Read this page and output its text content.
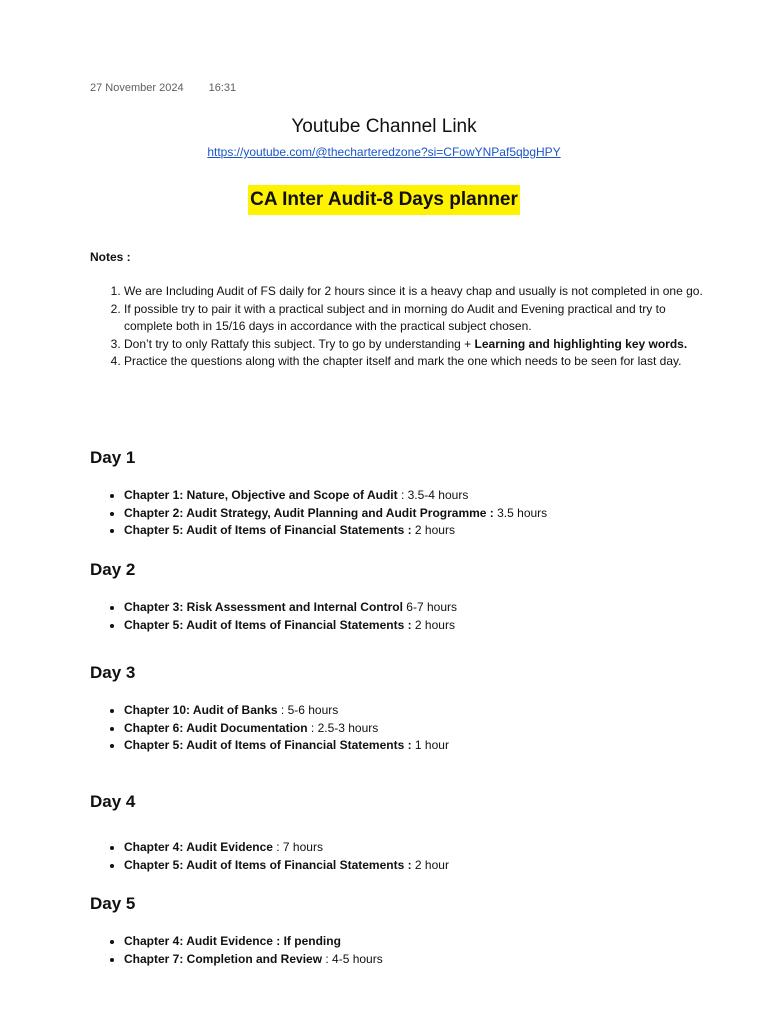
27 November 2024 16:31
Youtube Channel Link
https://youtube.com/@thecharteredzone?si=CFowYNPaf5qbgHPY
CA Inter Audit-8 Days planner
Notes :
1. We are Including Audit of FS daily for 2 hours since it is a heavy chap and usually is not completed in one go.
2. If possible try to pair it with a practical subject and in morning do Audit and Evening practical and try to complete both in 15/16 days in accordance with the practical subject chosen.
3. Don’t try to only Rattafy this subject. Try to go by understanding + Learning and highlighting key words.
4. Practice the questions along with the chapter itself and mark the one which needs to be seen for last day.
Day 1
• Chapter 1: Nature, Objective and Scope of Audit : 3.5-4 hours
• Chapter 2: Audit Strategy, Audit Planning and Audit Programme : 3.5 hours
• Chapter 5: Audit of Items of Financial Statements : 2 hours
Day 2
• Chapter 3: Risk Assessment and Internal Control 6-7 hours
• Chapter 5: Audit of Items of Financial Statements : 2 hours
Day 3
• Chapter 10: Audit of Banks : 5-6 hours
• Chapter 6: Audit Documentation : 2.5-3 hours
• Chapter 5: Audit of Items of Financial Statements : 1 hour
Day 4
• Chapter 4: Audit Evidence : 7 hours
• Chapter 5: Audit of Items of Financial Statements : 2 hour
Day 5
• Chapter 4: Audit Evidence : If pending
• Chapter 7: Completion and Review : 4-5 hours
